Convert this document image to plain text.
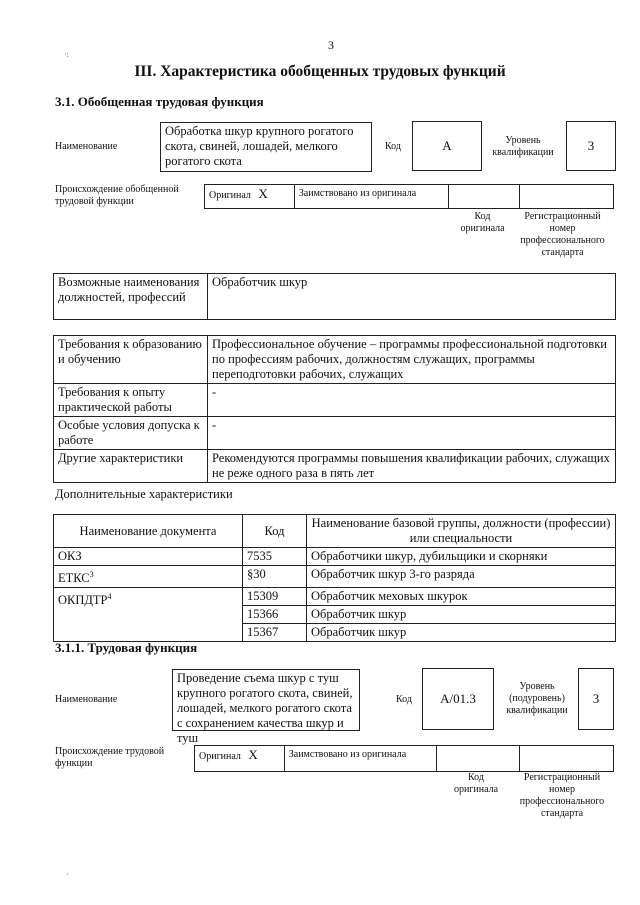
3
·:
III. Характеристика обобщенных трудовых функций
3.1. Обобщенная трудовая функция
Наименование
Обработка шкур крупного рогатого скота, свиней, лошадей, мелкого рогатого скота
Код	А	Уровень квалификации	3
Происхождение обобщенной трудовой функции
Оригинал X	Заимствовано из оригинала		
Код оригинала
Регистрационный номер профессионального стандарта
Возможные наименования должностей, профессий	Обработчик шкур
Требования к образованию и обучению	Профессиональное обучение – программы профессиональной подготовки по профессиям рабочих, должностям служащих, программы переподготовки рабочих, служащих
Требования к опыту практической работы	-
Особые условия допуска к работе	-
Другие характеристики	Рекомендуются программы повышения квалификации рабочих, служащих не реже одного раза в пять лет
Дополнительные характеристики
Наименование документа	Код	Наименование базовой группы, должности (профессии) или специальности
ОКЗ	7535	Обработчики шкур, дубильщики и скорняки
ЕТКС$^3$	§30	Обработчик шкур 3-го разряда
ОКПДТР$^4$	15309	Обработчик меховых шкурок
	15366	Обработчик шкур
	15367	Обработчик шкур
3.1.1. Трудовая функция
Наименование
Проведение съема шкур с туш крупного рогатого скота, свиней, лошадей, мелкого рогатого скота с сохранением качества шкур и туш
Код	А/01.3
Уровень (подуровень) квалификации
3
Происхождение трудовой функции
Оригинал X	Заимствовано из оригинала		
Код оригинала
Регистрационный номер профессионального стандарта
·
